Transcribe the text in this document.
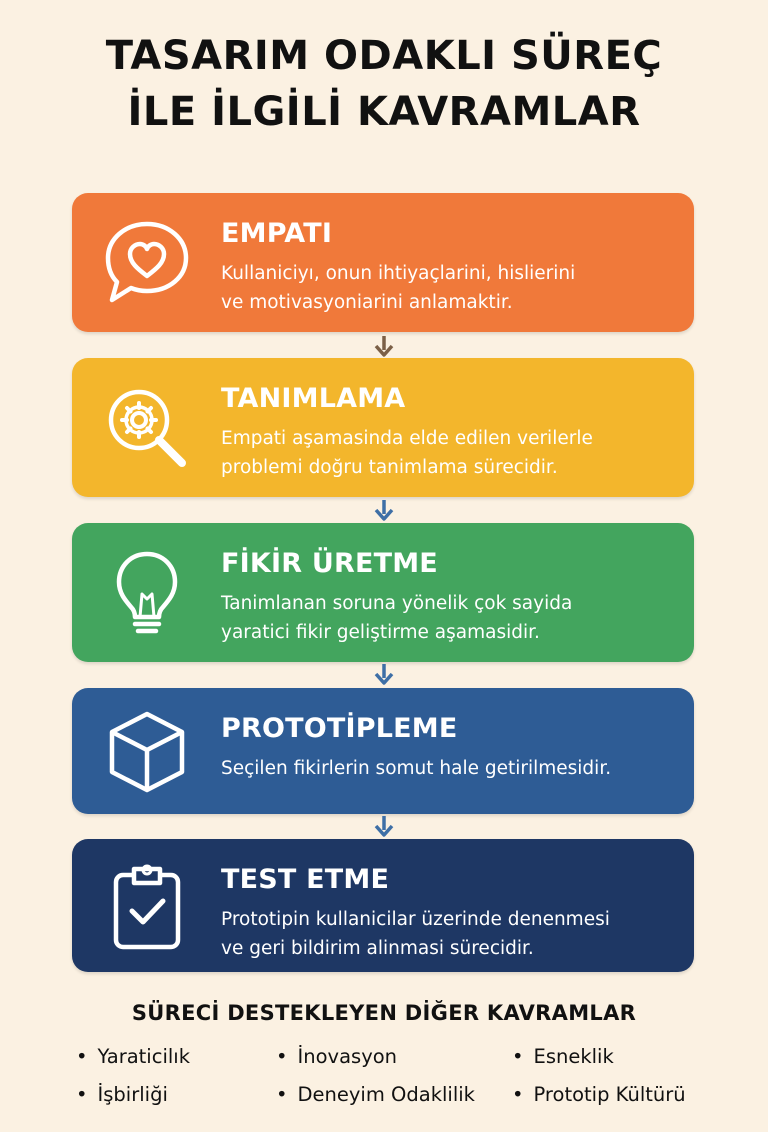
TASARIM ODAKLI SÜREÇ
İLE İLGİLİ KAVRAMLAR
EMPATI
Kullaniciyı, onun ihtiyaçlarini, hislierini
ve motivasyoniarini anlamaktir.
TANIMLAMA
Empati aşamasinda elde edilen verilerle
problemi doğru tanimlama sürecidir.
FİKİR ÜRETME
Tanimlanan soruna yönelik çok sayida
yaratici fikir geliştirme aşamasidir.
PROTOTİPLEME
Seçilen fikirlerin somut hale getirilmesidir.
TEST ETME
Prototipin kullanicilar üzerinde denenmesi
ve geri bildirim alinmasi sürecidir.
SÜRECİ DESTEKLEYEN DİĞER KAVRAMLAR
• Yaraticilık	• İnovasyon	• Esneklik
• İşbirliği	• Deneyim Odaklilik	• Prototip Kültürü
